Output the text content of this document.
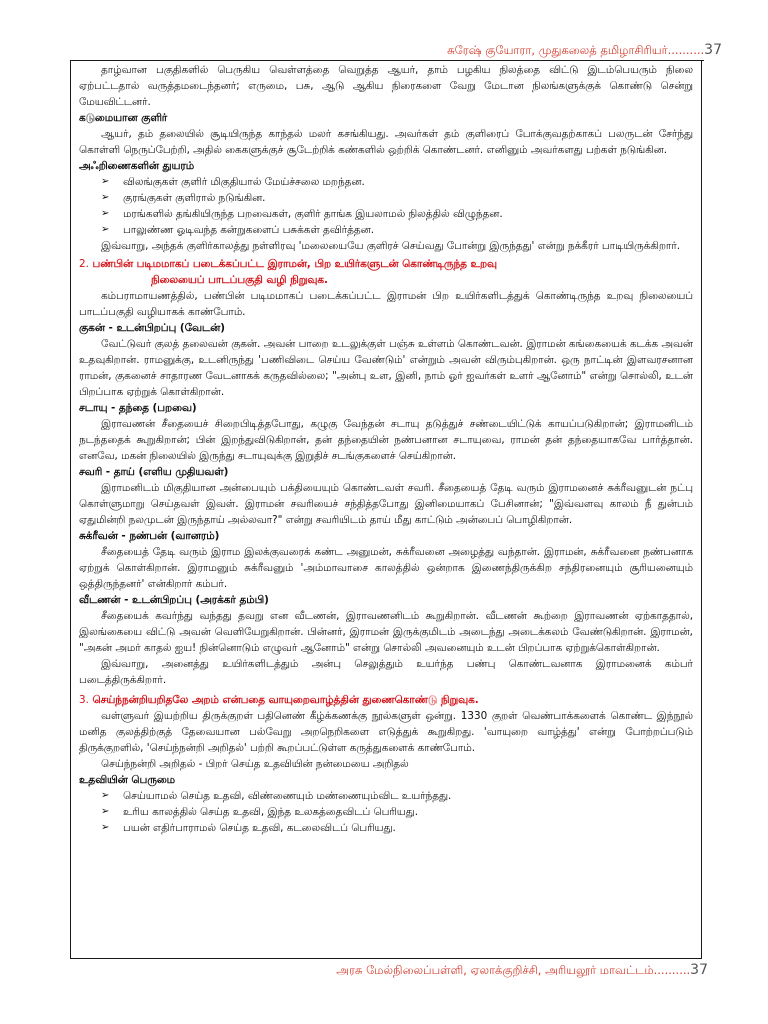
சுரேஷ் குயோரா, முதுகலைத் தமிழாசிரியர்..........37

தாழ்வான பகுதிகளில் பெருகிய வெள்ளத்தை வெறுத்த ஆயர், தாம் பழகிய நிலத்தை விட்டு இடம்பெயரும் நிலை ஏற்பட்டதால் வருத்தமடைந்தனர்; எருமை, பசு, ஆடு ஆகிய நிரைகளை வேறு மேடான நிலங்களுக்குக் கொண்டு சென்று மேயவிட்டனர்.

கடுமையான குளிர்

ஆயர், தம் தலையில் சூடியிருந்த காந்தல் மலர் கசங்கியது. அவர்கள் தம் குளிரைப் போக்குவதற்காகப் பலருடன் சேர்ந்து கொள்ளி நெருப்பேற்றி, அதில் கைகளுக்குச் சூடேற்றிக் கண்களில் ஒற்றிக் கொண்டனர். எனினும் அவர்களது பற்கள் நடுங்கின.

அஃறிணைகளின் துயரம்

➢ விலங்குகள் குளிர் மிகுதியால் மேய்ச்சலை மறந்தன.
➢ குரங்குகள் குளிரால் நடுங்கின.
➢ மரங்களில் தங்கியிருந்த பறவைகள், குளிர் தாங்க இயலாமல் நிலத்தில் விழுந்தன.
➢ பாலுண்ண ஓடிவந்த கன்றுகளைப் பசுக்கள் தவிர்த்தன.

இவ்வாறு, அந்தக் குளிர்காலத்து நள்ளிரவு 'மலையையே குளிரச் செய்வது போன்று இருந்தது' என்று நக்கீரர் பாடியிருக்கிறார்.

2. பண்பின் படிமமாகப் படைக்கப்பட்ட இராமன், பிற உயிர்களுடன் கொண்டிருந்த உறவு

நிலையைப் பாடப்பகுதி வழி நிறுவுக.

கம்பராமாயணத்தில், பண்பின் படிமமாகப் படைக்கப்பட்ட இராமன் பிற உயிர்களிடத்துக் கொண்டிருந்த உறவு நிலையைப் பாடப்பகுதி வழியாகக் காண்போம்.

குகன் - உடன்பிறப்பு (வேடன்)

வேட்டுவர் குலத் தலைவன் குகன். அவன் பாறை உடலுக்குள் பஞ்சு உள்ளம் கொண்டவன். இராமன் கங்கையைக் கடக்க அவன் உதவுகிறான். ராமனுக்கு, உடனிருந்து 'பணிவிடை செய்ய வேண்டும்' என்றும் அவன் விரும்புகிறான். ஒரு நாட்டின் இளவரசனான ராமன், குகனைச் சாதாரண வேடனாகக் கருதவில்லை; "அன்பு உள, இனி, நாம் ஓர் ஐவர்கள் உளர் ஆனோம்" என்று சொல்லி, உடன் பிறப்பாக ஏற்றுக் கொள்கிறான்.

சடாயு - தந்தை (பறவை)

இராவணன் சீதையைச் சிறைபிடித்தபோது, கழுகு வேந்தன் சடாயு தடுத்துச் சண்டையிட்டுக் காயப்படுகிறான்; இராமனிடம் நடந்ததைக் கூறுகிறான்; பின் இறந்துவிடுகிறான், தன் தந்தையின் நண்பனான சடாயுவை, ராமன் தன் தந்தையாகவே பார்த்தான். எனவே, மகன் நிலையில் இருந்து சடாயுவுக்கு இறுதிச் சடங்குகளைச் செய்கிறான்.

சவரி - தாய் (எளிய முதியவள்)

இராமனிடம் மிகுதியான அன்பையும் பக்தியையும் கொண்டவள் சவரி. சீதையைத் தேடி வரும் இராமனைச் சுக்ரீவனுடன் நட்பு கொள்ளுமாறு செய்தவள் இவள். இராமன் சவரியைச் சந்தித்தபோது இனிமையாகப் பேசினான்; "இவ்வளவு காலம் நீ துன்பம் ஏதுமின்றி நலமுடன் இருந்தாய் அல்லவா?" என்று சவரியிடம் தாய் மீது காட்டும் அன்பைப் பொழிகிறான்.

சுக்ரீவன் - நண்பன் (வானரம்)

சீதையைத் தேடி வரும் இராம இலக்குவரைக் கண்ட அனுமன், சுக்ரீவனை அழைத்து வந்தான். இராமன், சுக்ரீவனை நண்பனாக ஏற்றுக் கொள்கிறான். இராமனும் சுக்ரீவனும் 'அம்மாவாசை காலத்தில் ஒன்றாக இணைந்திருக்கிற சந்திரனையும் சூரியனையும் ஒத்திருந்தனர்' என்கிறார் கம்பர்.

வீடணன் - உடன்பிறப்பு (அரக்கர் தம்பி)

சீதையைக் கவர்ந்து வந்தது தவறு என வீடணன், இராவணனிடம் கூறுகிறான். வீடணன் கூற்றை இராவணன் ஏற்காததால், இலங்கையை விட்டு அவன் வெளியேறுகிறான். பின்னர், இராமன் இருக்குமிடம் அடைந்து அடைக்கலம் வேண்டுகிறான். இராமன், "அகன் அமர் காதல் ஐய! நின்னொடும் எழுவர் ஆனோம்" என்று சொல்லி அவனையும் உடன் பிறப்பாக ஏற்றுக்கொள்கிறான்.

இவ்வாறு, அனைத்து உயிர்களிடத்தும் அன்பு செலுத்தும் உயர்ந்த பண்பு கொண்டவனாக இராமனைக் கம்பர் படைத்திருக்கிறார்.

3. செய்ந்நன்றியறிதலே அறம் என்பதை வாயுறைவாழ்த்தின் துணைகொண்டு நிறுவுக.

வள்ளுவர் இயற்றிய திருக்குறள் பதினெண் கீழ்க்கணக்கு நூல்களுள் ஒன்று. 1330 குறள் வெண்பாக்களைக் கொண்ட இந்நூல் மனித குலத்திற்குத் தேவையான பல்வேறு அறநெறிகளை எடுத்துக் கூறுகிறது. 'வாயுறை வாழ்த்து' என்று போற்றப்படும் திருக்குறளில், 'செய்ந்நன்றி அறிதல்' பற்றி கூறப்பட்டுள்ள கருத்துகளைக் காண்போம்.

செய்ந்நன்றி அறிதல் - பிறர் செய்த உதவியின் நன்மையை அறிதல்

உதவியின் பெருமை

➢ செய்யாமல் செய்த உதவி, விண்ணையும் மண்ணையும்விட உயர்ந்தது.
➢ உரிய காலத்தில் செய்த உதவி, இந்த உலகத்தைவிடப் பெரியது.
➢ பயன் எதிர்பாராமல் செய்த உதவி, கடலைவிடப் பெரியது.
அரசு மேல்நிலைப்பள்ளி, ஏலாக்குறிச்சி, அரியலூர் மாவட்டம்..........37
